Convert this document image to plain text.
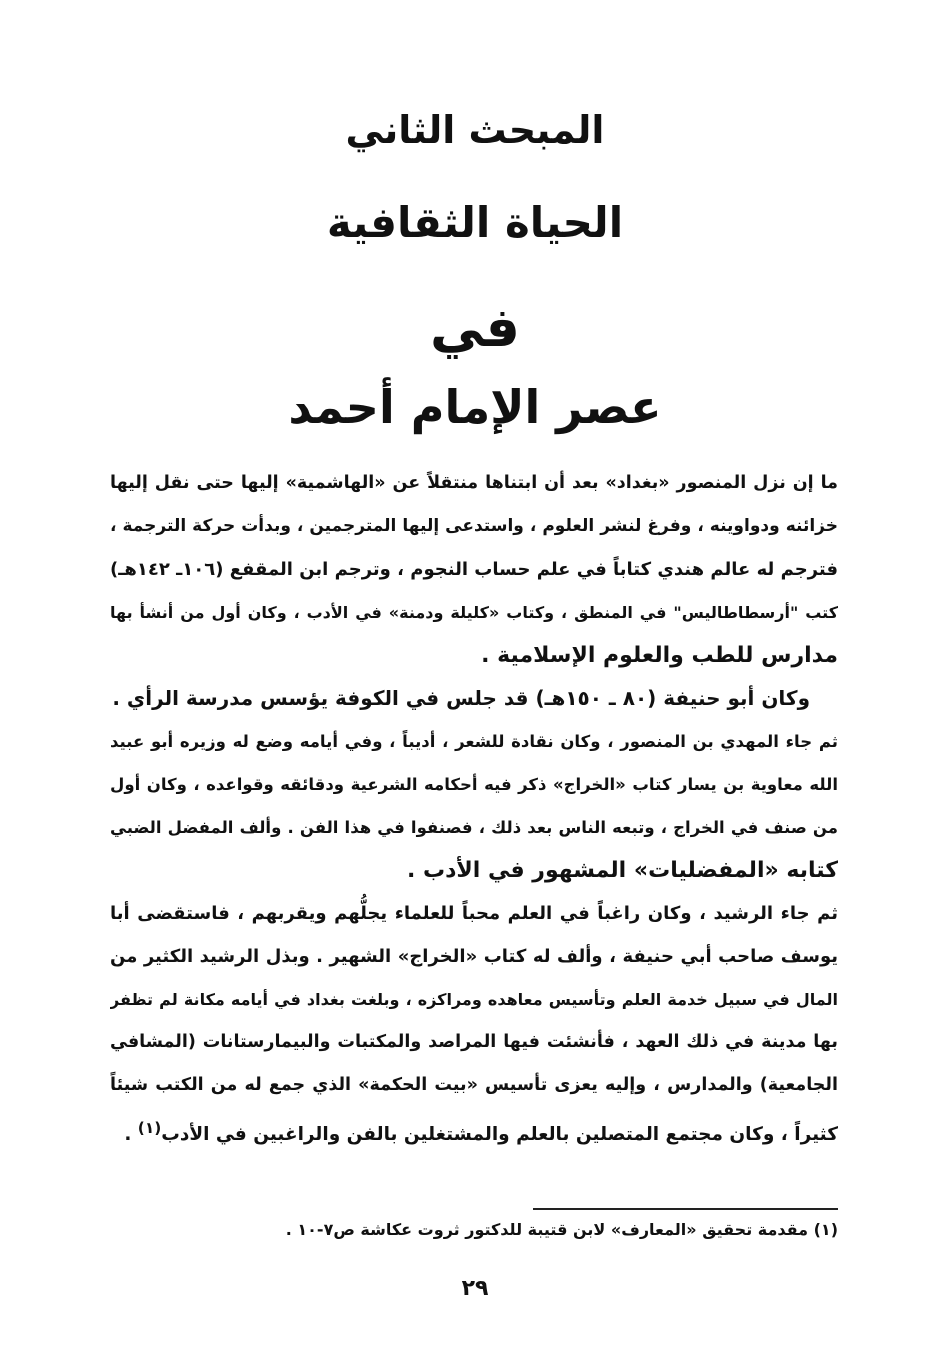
المبحث الثاني
الحياة الثقافية
في
عصر الإمام أحمد

ما إن نزل المنصور «بغداد» بعد أن ابتناها منتقلاً عن «الهاشمية» إليها حتى نقل إليها
خزائنه ودواوينه ، وفرغ لنشر العلوم ، واستدعى إليها المترجمين ، وبدأت حركة الترجمة ،
فترجم له عالم هندي كتاباً في علم حساب النجوم ، وترجم ابن المقفع (١٠٦ـ ١٤٢هـ)
كتب "أرسطاطاليس" في المنطق ، وكتاب «كليلة ودمنة» في الأدب ، وكان أول من أنشأ بها
مدارس للطب والعلوم الإسلامية .

وكان أبو حنيفة (٨٠ ـ ١٥٠هـ) قد جلس في الكوفة يؤسس مدرسة الرأي .

ثم جاء المهدي بن المنصور ، وكان نقادة للشعر ، أديباً ، وفي أيامه وضع له وزيره أبو عبيد
الله معاوية بن يسار كتاب «الخراج» ذكر فيه أحكامه الشرعية ودقائقه وقواعده ، وكان أول
من صنف في الخراج ، وتبعه الناس بعد ذلك ، فصنفوا في هذا الفن . وألف المفضل الضبي
كتابه «المفضليات» المشهور في الأدب .

ثم جاء الرشيد ، وكان راغباً في العلم محباً للعلماء يجلُّهم ويقربهم ، فاستقضى أبا
يوسف صاحب أبي حنيفة ، وألف له كتاب «الخراج» الشهير . وبذل الرشيد الكثير من
المال في سبيل خدمة العلم وتأسيس معاهده ومراكزه ، وبلغت بغداد في أيامه مكانة لم تظفر
بها مدينة في ذلك العهد ، فأنشئت فيها المراصد والمكتبات والبيمارستانات (المشافي
الجامعية) والمدارس ، وإليه يعزى تأسيس «بيت الحكمة» الذي جمع له من الكتب شيئاً
كثيراً ، وكان مجتمع المتصلين بالعلم والمشتغلين بالفن والراغبين في الأدب$^{(١)}$ .

(١) مقدمة تحقيق «المعارف» لابن قتيبة للدكتور ثروت عكاشة ص٧-١٠ .
٢٩
